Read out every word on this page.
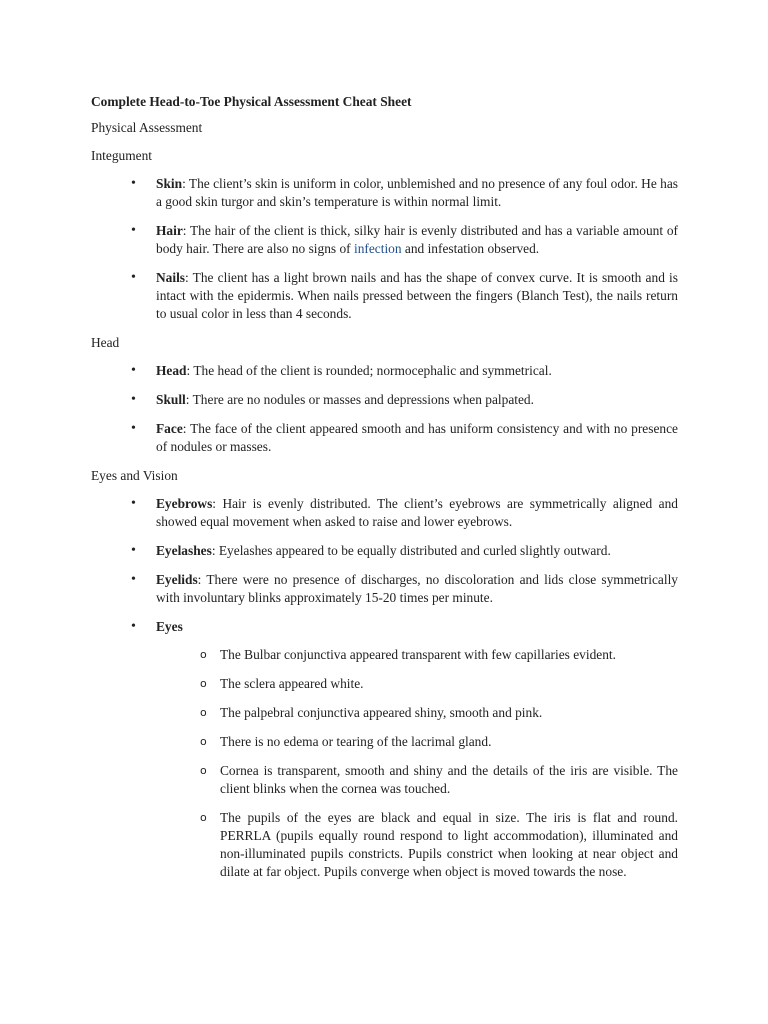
Complete Head-to-Toe Physical Assessment Cheat Sheet
Physical Assessment
Integument
• Skin: The client’s skin is uniform in color, unblemished and no presence of any foul odor. He has a good skin turgor and skin’s temperature is within normal limit.
• Hair: The hair of the client is thick, silky hair is evenly distributed and has a variable amount of body hair. There are also no signs of infection and infestation observed.
• Nails: The client has a light brown nails and has the shape of convex curve. It is smooth and is intact with the epidermis. When nails pressed between the fingers (Blanch Test), the nails return to usual color in less than 4 seconds.
Head
• Head: The head of the client is rounded; normocephalic and symmetrical.
• Skull: There are no nodules or masses and depressions when palpated.
• Face: The face of the client appeared smooth and has uniform consistency and with no presence of nodules or masses.
Eyes and Vision
• Eyebrows: Hair is evenly distributed. The client’s eyebrows are symmetrically aligned and showed equal movement when asked to raise and lower eyebrows.
• Eyelashes: Eyelashes appeared to be equally distributed and curled slightly outward.
• Eyelids: There were no presence of discharges, no discoloration and lids close symmetrically with involuntary blinks approximately 15-20 times per minute.
• Eyes
o The Bulbar conjunctiva appeared transparent with few capillaries evident.
o The sclera appeared white.
o The palpebral conjunctiva appeared shiny, smooth and pink.
o There is no edema or tearing of the lacrimal gland.
o Cornea is transparent, smooth and shiny and the details of the iris are visible. The client blinks when the cornea was touched.
o The pupils of the eyes are black and equal in size. The iris is flat and round. PERRLA (pupils equally round respond to light accommodation), illuminated and non-illuminated pupils constricts. Pupils constrict when looking at near object and dilate at far object. Pupils converge when object is moved towards the nose.
